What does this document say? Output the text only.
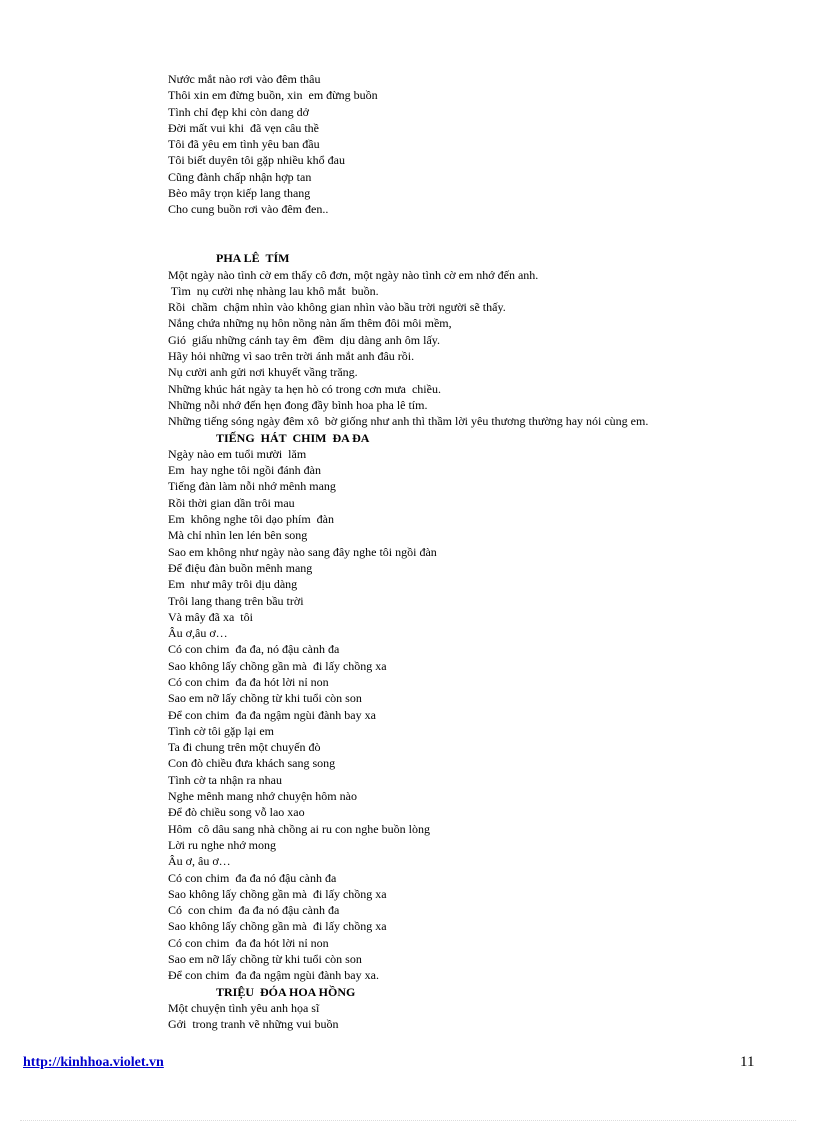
Nước mắt nào rơi vào đêm thâu
Thôi xin em đừng buồn, xin  em đừng buồn
Tình chỉ đẹp khi còn dang dở
Đời mất vui khi  đã vẹn câu thề
Tôi đã yêu em tình yêu ban đầu
Tôi biết duyên tôi gặp nhiều khổ đau
Cũng đành chấp nhận hợp tan
Bèo mây trọn kiếp lang thang
Cho cung buồn rơi vào đêm đen..
PHA LÊ  TÍM
Một ngày nào tình cờ em thấy cô đơn, một ngày nào tình cờ em nhớ đến anh.
Tìm  nụ cười nhẹ nhàng lau khô mắt  buồn.
Rồi  chầm  chậm nhìn vào không gian nhìn vào bầu trời người sẽ thấy.
Nắng chứa những nụ hôn nồng nàn ấm thêm đôi môi mềm,
Gió  giấu những cánh tay êm  đềm  dịu dàng anh ôm lấy.
Hãy hỏi những vì sao trên trời ánh mắt anh đâu rồi.
Nụ cười anh gửi nơi khuyết vầng trăng.
Những khúc hát ngày ta hẹn hò có trong cơn mưa  chiều.
Những nỗi nhớ đến hẹn đong đầy bình hoa pha lê tím.
Những tiếng sóng ngày đêm xô  bờ giống như anh thì thầm lời yêu thương thường hay nói cùng em.
TIẾNG  HÁT  CHIM  ĐA ĐA
Ngày nào em tuổi mười  lăm
Em  hay nghe tôi ngồi đánh đàn
Tiếng đàn làm nỗi nhớ mênh mang
Rồi thời gian dần trôi mau
Em  không nghe tôi dạo phím  đàn
Mà chỉ nhìn len lén bên song
Sao em không như ngày nào sang đây nghe tôi ngồi đàn
Để điệu đàn buồn mênh mang
Em  như mây trôi dịu dàng
Trôi lang thang trên bầu trời
Và mây đã xa  tôi
Âu ơ,âu ơ…
Có con chim  đa đa, nó đậu cành đa
Sao không lấy chồng gần mà  đi lấy chồng xa
Có con chim  đa đa hót lời nỉ non
Sao em nỡ lấy chồng từ khi tuổi còn son
Để con chim  đa đa ngậm ngùi đành bay xa
Tình cờ tôi gặp lại em
Ta đi chung trên một chuyến đò
Con đò chiều đưa khách sang song
Tình cờ ta nhận ra nhau
Nghe mênh mang nhớ chuyện hôm nào
Để đò chiều song vỗ lao xao
Hôm  cô dâu sang nhà chồng ai ru con nghe buồn lòng
Lời ru nghe nhớ mong
Âu ơ, âu ơ…
Có con chim  đa đa nó đậu cành đa
Sao không lấy chồng gần mà  đi lấy chồng xa
Có  con chim  đa đa nó đậu cành đa
Sao không lấy chồng gần mà  đi lấy chồng xa
Có con chim  đa đa hót lời nỉ non
Sao em nỡ lấy chồng từ khi tuổi còn son
Để con chim  đa đa ngậm ngùi đành bay xa.
TRIỆU  ĐÓA HOA HỒNG
Một chuyện tình yêu anh họa sĩ
Gởi  trong tranh vẽ những vui buồn
http://kinhhoa.violet.vn	11
